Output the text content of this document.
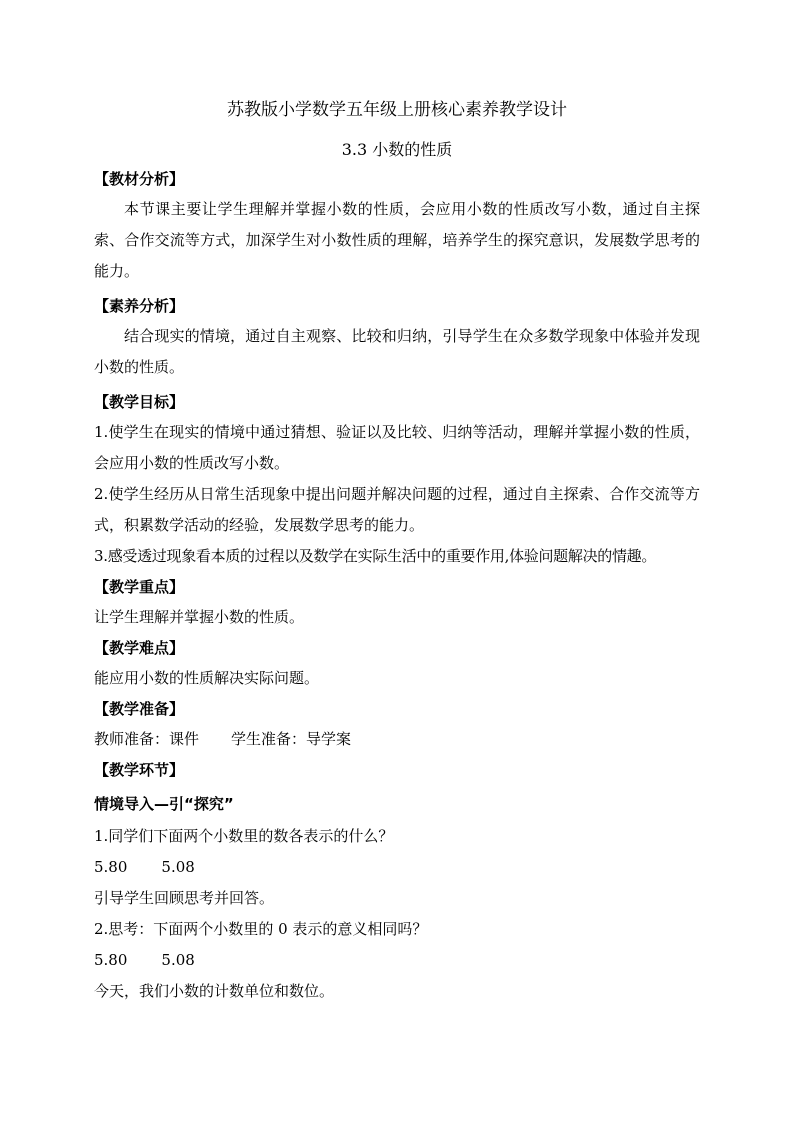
苏教版小学数学五年级上册核心素养教学设计
3.3 小数的性质
【教材分析】

本节课主要让学生理解并掌握小数的性质，会应用小数的性质改写小数，通过自主探索、合作交流等方式，加深学生对小数性质的理解，培养学生的探究意识，发展数学思考的能力。

【素养分析】

结合现实的情境，通过自主观察、比较和归纳，引导学生在众多数学现象中体验并发现小数的性质。

【教学目标】

1.使学生在现实的情境中通过猜想、验证以及比较、归纳等活动，理解并掌握小数的性质，会应用小数的性质改写小数。

2.使学生经历从日常生活现象中提出问题并解决问题的过程，通过自主探索、合作交流等方式，积累数学活动的经验，发展数学思考的能力。

3.感受透过现象看本质的过程以及数学在实际生活中的重要作用,体验问题解决的情趣。

【教学重点】

让学生理解并掌握小数的性质。

【教学难点】

能应用小数的性质解决实际问题。

【教学准备】

教师准备：课件 学生准备：导学案

【教学环节】
情境导入—引“探究”

1.同学们下面两个小数里的数各表示的什么？

5.80 5.08

引导学生回顾思考并回答。

2.思考：下面两个小数里的 0 表示的意义相同吗？

5.80 5.08

今天，我们小数的计数单位和数位。
